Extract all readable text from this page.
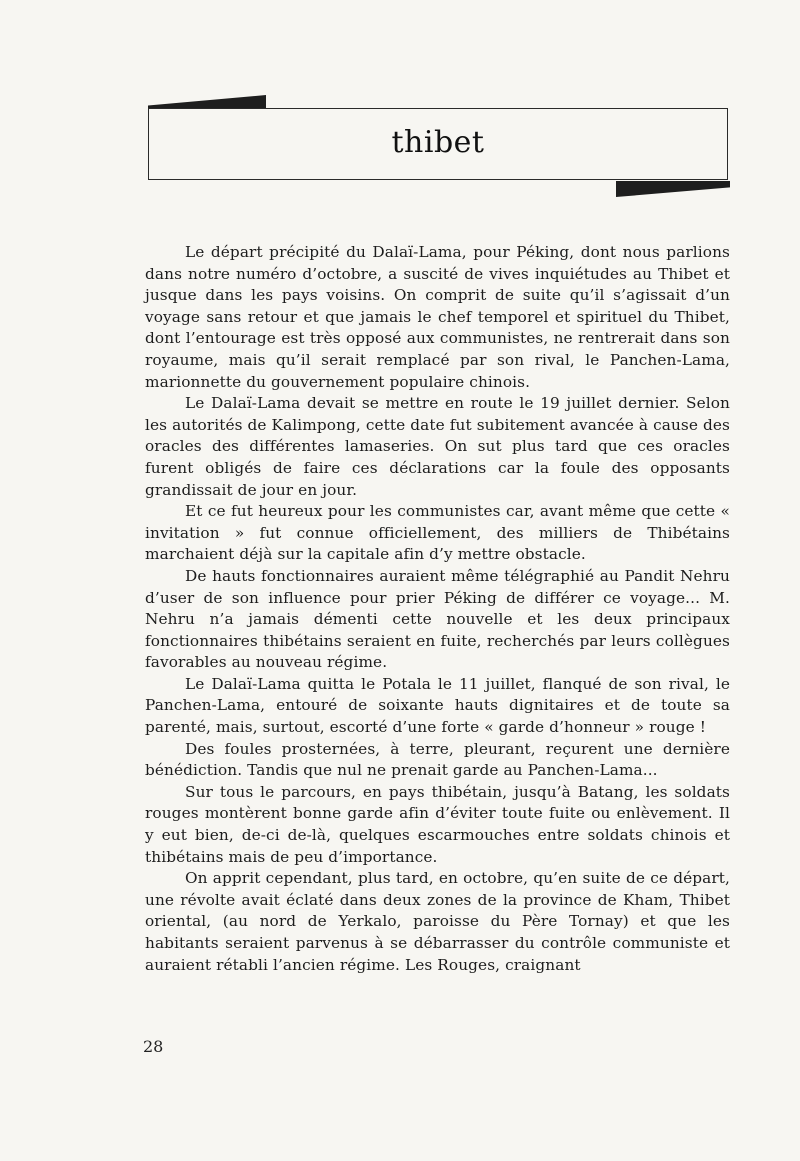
thibet

Le départ précipité du Dalaï-Lama, pour Péking, dont nous parlions dans notre numéro d’octobre, a suscité de vives inquiétudes au Thibet et jusque dans les pays voisins. On comprit de suite qu’il s’agissait d’un voyage sans retour et que jamais le chef temporel et spirituel du Thibet, dont l’entourage est très opposé aux communistes, ne rentrerait dans son royaume, mais qu’il serait remplacé par son rival, le Panchen-Lama, marionnette du gouvernement populaire chinois.

Le Dalaï-Lama devait se mettre en route le 19 juillet dernier. Selon les autorités de Kalimpong, cette date fut subitement avancée à cause des oracles des différentes lamaseries. On sut plus tard que ces oracles furent obligés de faire ces déclarations car la foule des opposants grandissait de jour en jour.

Et ce fut heureux pour les communistes car, avant même que cette « invitation » fut connue officiellement, des milliers de Thibétains marchaient déjà sur la capitale afin d’y mettre obstacle.

De hauts fonctionnaires auraient même télégraphié au Pandit Nehru d’user de son influence pour prier Péking de différer ce voyage... M. Nehru n’a jamais démenti cette nouvelle et les deux principaux fonctionnaires thibétains seraient en fuite, recherchés par leurs collègues favorables au nouveau régime.

Le Dalaï-Lama quitta le Potala le 11 juillet, flanqué de son rival, le Panchen-Lama, entouré de soixante hauts dignitaires et de toute sa parenté, mais, surtout, escorté d’une forte « garde d’honneur » rouge !

Des foules prosternées, à terre, pleurant, reçurent une dernière bénédiction. Tandis que nul ne prenait garde au Panchen-Lama...

Sur tous le parcours, en pays thibétain, jusqu’à Batang, les soldats rouges montèrent bonne garde afin d’éviter toute fuite ou enlèvement. Il y eut bien, de-ci de-là, quelques escarmouches entre soldats chinois et thibétains mais de peu d’importance.

On apprit cependant, plus tard, en octobre, qu’en suite de ce départ, une révolte avait éclaté dans deux zones de la province de Kham, Thibet oriental, (au nord de Yerkalo, paroisse du Père Tornay) et que les habitants seraient parvenus à se débarrasser du contrôle communiste et auraient rétabli l’ancien régime. Les Rouges, craignant

28
